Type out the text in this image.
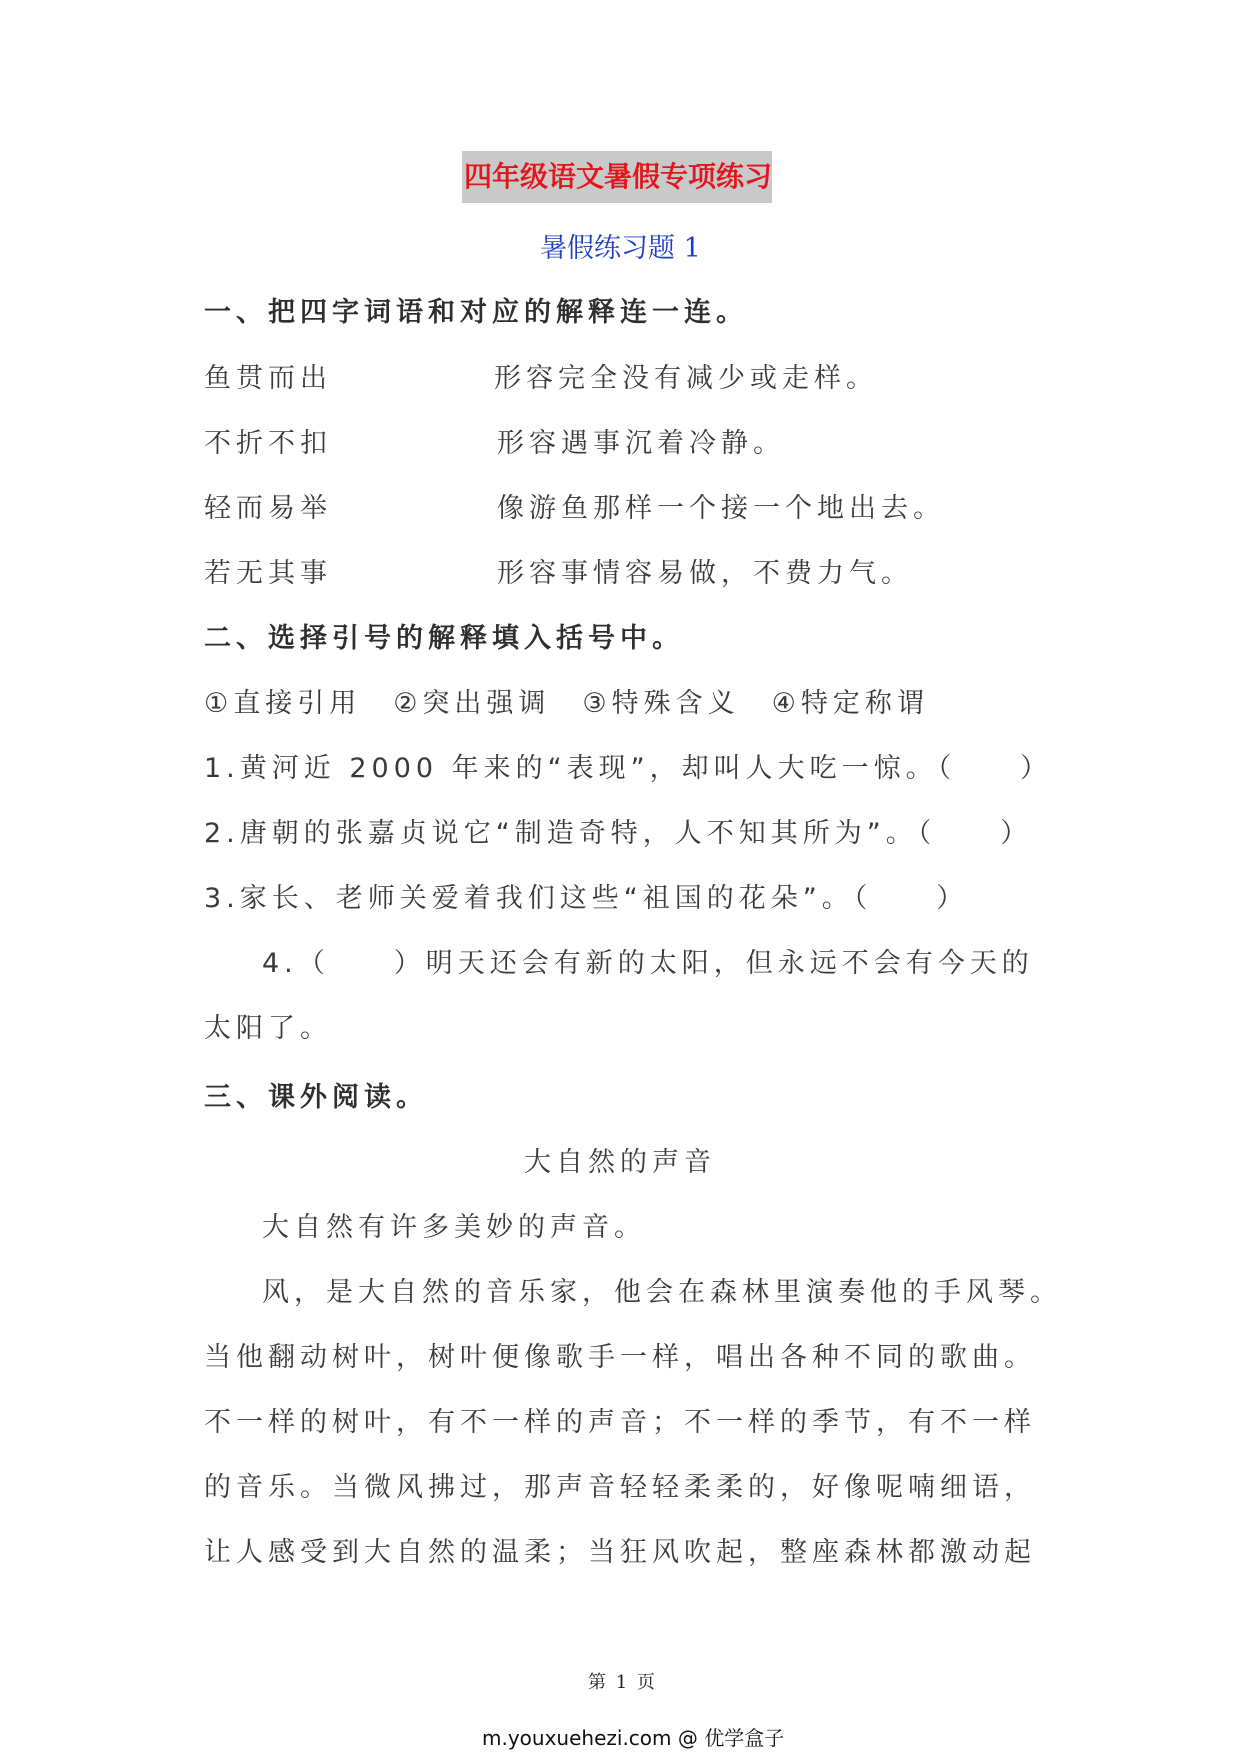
四年级语文暑假专项练习
暑假练习题 1
一、把四字词语和对应的解释连一连。
鱼贯而出	形容完全没有减少或走样。
不折不扣	形容遇事沉着冷静。
轻而易举	像游鱼那样一个接一个地出去。
若无其事	形容事情容易做，不费力气。
二、选择引号的解释填入括号中。
①直接引用　②突出强调　③特殊含义　④特定称谓
1.黄河近 2000 年来的“表现”，却叫人大吃一惊。（　　）
2.唐朝的张嘉贞说它“制造奇特，人不知其所为”。（　　）
3.家长、老师关爱着我们这些“祖国的花朵”。（　　）
4.（　　）明天还会有新的太阳，但永远不会有今天的
太阳了。
三、课外阅读。
大自然的声音
大自然有许多美妙的声音。
风，是大自然的音乐家，他会在森林里演奏他的手风琴。
当他翻动树叶，树叶便像歌手一样，唱出各种不同的歌曲。
不一样的树叶，有不一样的声音；不一样的季节，有不一样
的音乐。当微风拂过，那声音轻轻柔柔的，好像呢喃细语，
让人感受到大自然的温柔；当狂风吹起，整座森林都激动起
第 1 页
m.youxuehezi.com @ 优学盒子
